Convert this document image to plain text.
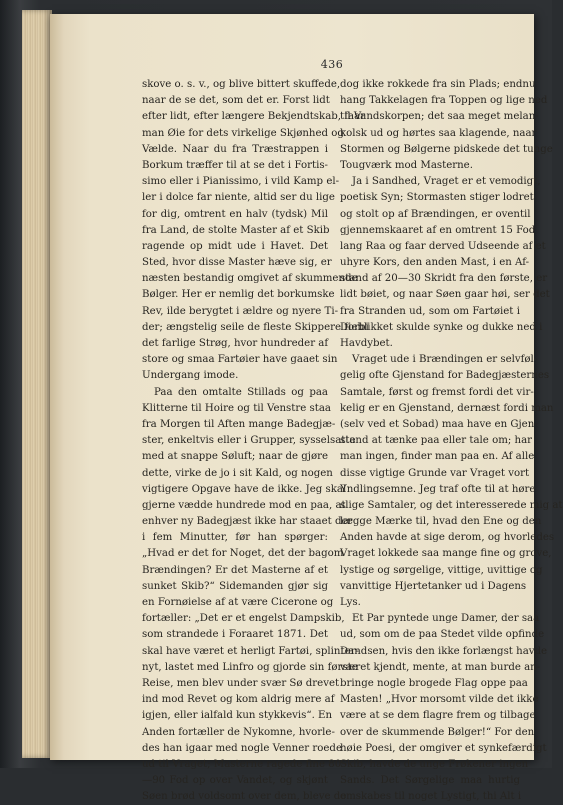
436
skove o. s. v., og blive bittert skuffede,
naar de se det, som det er. Forst lidt
efter lidt, efter længere Bekjendtskab, faar
man Øie for dets virkelige Skjønhed og
Vælde. Naar du fra Træstrappen i
Borkum træffer til at se det i Fortis-
simo eller i Pianissimo, i vild Kamp el-
ler i dolce far niente, altid ser du lige
for dig, omtrent en halv (tydsk) Mil
fra Land, de stolte Master af et Skib
ragende op midt ude i Havet. Det
Sted, hvor disse Master hæve sig, er
næsten bestandig omgivet af skummende
Bølger. Her er nemlig det borkumske
Rev, ilde berygtet i ældre og nyere Ti-
der; ængstelig seile de fleste Skippere forbi
det farlige Strøg, hvor hundreder af
store og smaa Fartøier have gaaet sin
Undergang imode.
Paa den omtalte Stillads og paa
Klitterne til Hoire og til Venstre staa
fra Morgen til Aften mange Badegjæ-
ster, enkeltvis eller i Grupper, sysselsatte
med at snappe Søluft; naar de gjøre
dette, virke de jo i sit Kald, og nogen
vigtigere Opgave have de ikke. Jeg skal
gjerne vædde hundrede mod en paa, at
enhver ny Badegjæst ikke har staaet der
i fem Minutter, før han spørger:
„Hvad er det for Noget, det der bagom
Brændingen? Er det Masterne af et
sunket Skib?“ Sidemanden gjør sig
en Fornøielse af at være Cicerone og
fortæller: „Det er et engelst Dampskib,
som strandede i Foraaret 1871. Det
skal have været et herligt Fartøi, splinter-
nyt, lastet med Linfro og gjorde sin første
Reise, men blev under svær Sø drevet
ind mod Revet og kom aldrig mere af
igjen, eller ialfald kun stykkevis“. En
Anden fortæller de Nykomne, hvorle-
des han igaar med nogle Venner roede
ud til Vraget; Masterne ragede fine 80
—90 Fod op over Vandet, og skjønt
Søen brød voldsomt over dem, bleve de
dog ikke rokkede fra sin Plads; endnu
hang Takkelagen fra Toppen og lige ned
til Vandskorpen; det saa meget melan-
kolsk ud og hørtes saa klagende, naar
Stormen og Bølgerne pidskede det tunge
Tougværk mod Masterne.
Ja i Sandhed, Vraget er et vemodigt,
poetisk Syn; Stormasten stiger lodret
og stolt op af Brændingen, er oventil
gjennemskaaret af en omtrent 15 Fod
lang Raa og faar derved Udseende af et
uhyre Kors, den anden Mast, i en Af-
stand af 20—30 Skridt fra den første, er
lidt bøiet, og naar Søen gaar høi, ser det
fra Stranden ud, som om Fartøiet i
Dieblikket skulde synke og dukke ned i
Havdybet.
Vraget ude i Brændingen er selvføl-
gelig ofte Gjenstand for Badegjæsternes
Samtale, først og fremst fordi det vir-
kelig er en Gjenstand, dernæst fordi man
(selv ved et Sobad) maa have en Gjen-
stand at tænke paa eller tale om; har
man ingen, finder man paa en. Af alle
disse vigtige Grunde var Vraget vort
Yndlingsemne. Jeg traf ofte til at høre
slige Samtaler, og det interesserede mig at
lægge Mærke til, hvad den Ene og den
Anden havde at sige derom, og hvorledes
Vraget lokkede saa mange fine og grove,
lystige og sørgelige, vittige, uvittige og
vanvittige Hjertetanker ud i Dagens
Lys.
Et Par pyntede unge Damer, der saa
ud, som om de paa Stedet vilde opfinde
Dandsen, hvis den ikke forlængst havde
været kjendt, mente, at man burde an-
bringe nogle brogede Flag oppe paa
Masten! „Hvor morsomt vilde det ikke
være at se dem flagre frem og tilbage
over de skummende Bølger!“ For den
høie Poesi, der omgiver et synkefærdigt
Skib, havde de unge Frøkener ingen
Sands. Det Sørgelige maa hurtig
omskabes til noget Lystigt, thi Alt i
